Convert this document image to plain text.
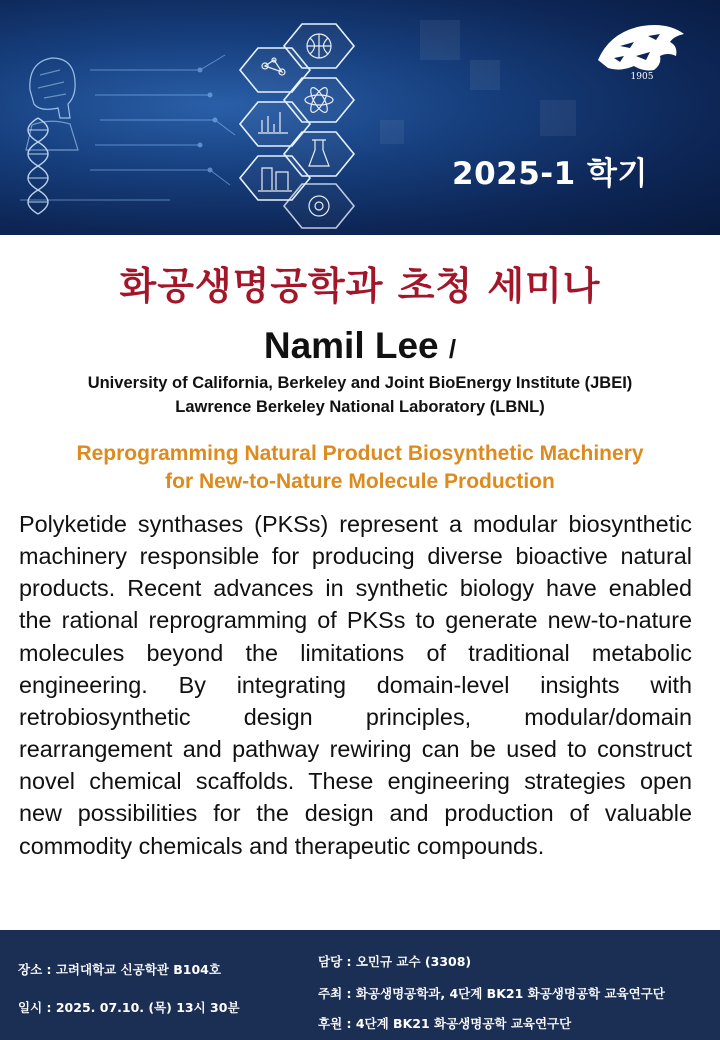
1905
2025-1 학기
화공생명공학과 초청 세미나
Namil Lee /
University of California, Berkeley and Joint BioEnergy Institute (JBEI)
Lawrence Berkeley National Laboratory (LBNL)
Reprogramming Natural Product Biosynthetic Machinery
for New-to-Nature Molecule Production
Polyketide synthases (PKSs) represent a modular biosynthetic machinery responsible for producing diverse bioactive natural products. Recent advances in synthetic biology have enabled the rational reprogramming of PKSs to generate new-to-nature molecules beyond the limitations of traditional metabolic engineering. By integrating domain-level insights with retrobiosynthetic design principles, modular/domain rearrangement and pathway rewiring can be used to construct novel chemical scaffolds. These engineering strategies open new possibilities for the design and production of valuable commodity chemicals and therapeutic compounds.
장소 : 고려대학교 신공학관 B104호
일시 : 2025. 07.10. (목) 13시 30분
담당 : 오민규 교수 (3308)
주최 : 화공생명공학과, 4단계 BK21 화공생명공학 교육연구단
후원 : 4단계 BK21 화공생명공학 교육연구단
